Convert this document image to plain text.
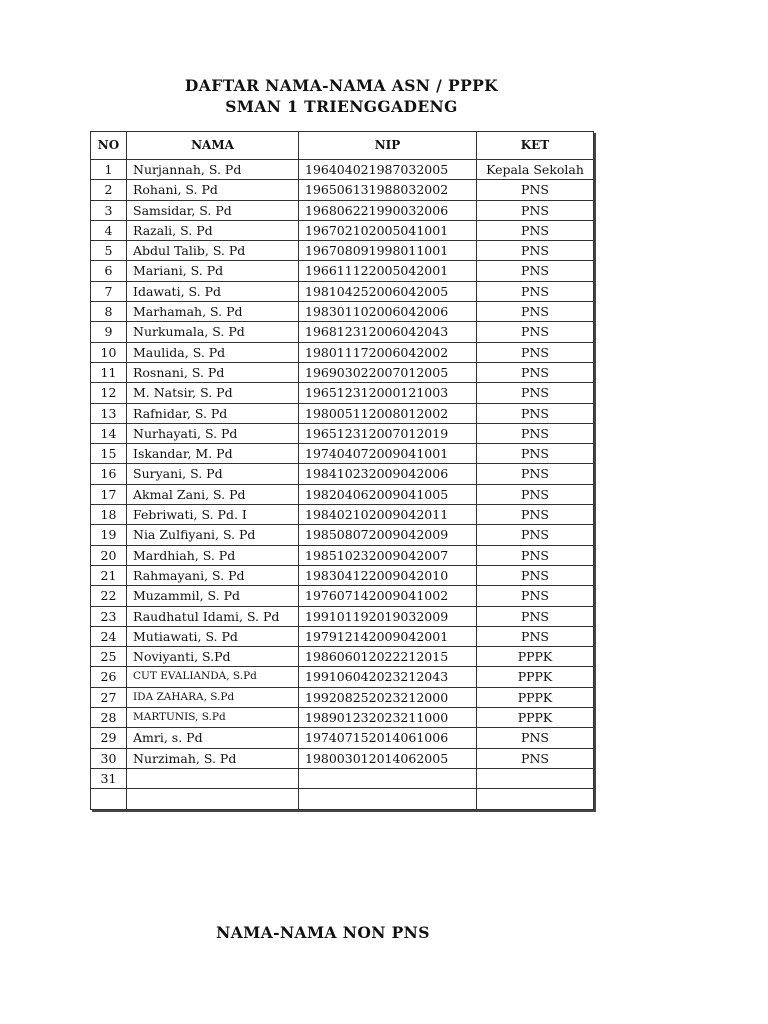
DAFTAR NAMA-NAMA ASN / PPPK
SMAN 1 TRIENGGADENG
NO	NAMA	NIP	KET
1	Nurjannah, S. Pd	196404021987032005	Kepala Sekolah
2	Rohani, S. Pd	196506131988032002	PNS
3	Samsidar, S. Pd	196806221990032006	PNS
4	Razali, S. Pd	196702102005041001	PNS
5	Abdul Talib, S. Pd	196708091998011001	PNS
6	Mariani, S. Pd	196611122005042001	PNS
7	Idawati, S. Pd	198104252006042005	PNS
8	Marhamah, S. Pd	198301102006042006	PNS
9	Nurkumala, S. Pd	196812312006042043	PNS
10	Maulida, S. Pd	198011172006042002	PNS
11	Rosnani, S. Pd	196903022007012005	PNS
12	M. Natsir, S. Pd	196512312000121003	PNS
13	Rafnidar, S. Pd	198005112008012002	PNS
14	Nurhayati, S. Pd	196512312007012019	PNS
15	Iskandar, M. Pd	197404072009041001	PNS
16	Suryani, S. Pd	198410232009042006	PNS
17	Akmal Zani, S. Pd	198204062009041005	PNS
18	Febriwati, S. Pd. I	198402102009042011	PNS
19	Nia Zulfiyani, S. Pd	198508072009042009	PNS
20	Mardhiah, S. Pd	198510232009042007	PNS
21	Rahmayani, S. Pd	198304122009042010	PNS
22	Muzammil, S. Pd	197607142009041002	PNS
23	Raudhatul Idami, S. Pd	199101192019032009	PNS
24	Mutiawati, S. Pd	197912142009042001	PNS
25	Noviyanti, S.Pd	198606012022212015	PPPK
26	CUT EVALIANDA, S.Pd	199106042023212043	PPPK
27	IDA ZAHARA, S.Pd	199208252023212000	PPPK
28	MARTUNIS, S.Pd	198901232023211000	PPPK
29	Amri, s. Pd	197407152014061006	PNS
30	Nurzimah, S. Pd	198003012014062005	PNS
31			

NAMA-NAMA NON PNS
